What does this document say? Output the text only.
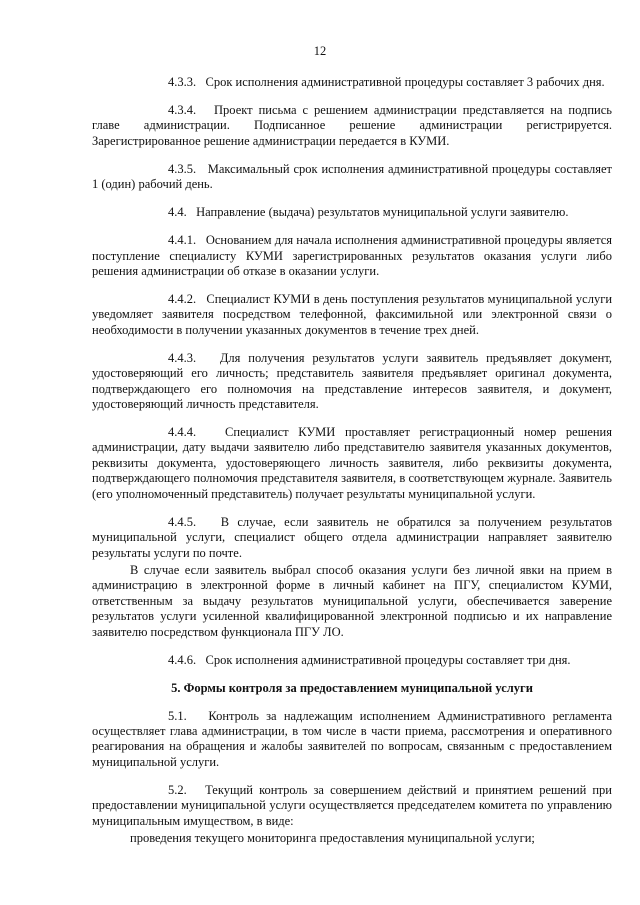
12

4.3.3. Срок исполнения административной процедуры составляет 3 рабочих дня.

4.3.4. Проект письма с решением администрации представляется на подпись главе администрации. Подписанное решение администрации регистрируется. Зарегистрированное решение администрации передается в КУМИ.

4.3.5. Максимальный срок исполнения административной процедуры составляет 1 (один) рабочий день.

4.4. Направление (выдача) результатов муниципальной услуги заявителю.

4.4.1. Основанием для начала исполнения административной процедуры является поступление специалисту КУМИ зарегистрированных результатов оказания услуги либо решения администрации об отказе в оказании услуги.

4.4.2. Специалист КУМИ в день поступления результатов муниципальной услуги уведомляет заявителя посредством телефонной, факсимильной или электронной связи о необходимости в получении указанных документов в течение трех дней.

4.4.3. Для получения результатов услуги заявитель предъявляет документ, удостоверяющий его личность; представитель заявителя предъявляет оригинал документа, подтверждающего его полномочия на представление интересов заявителя, и документ, удостоверяющий личность представителя.

4.4.4. Специалист КУМИ проставляет регистрационный номер решения администрации, дату выдачи заявителю либо представителю заявителя указанных документов, реквизиты документа, удостоверяющего личность заявителя, либо реквизиты документа, подтверждающего полномочия представителя заявителя, в соответствующем журнале. Заявитель (его уполномоченный представитель) получает результаты муниципальной услуги.

4.4.5. В случае, если заявитель не обратился за получением результатов муниципальной услуги, специалист общего отдела администрации направляет заявителю результаты услуги по почте.

В случае если заявитель выбрал способ оказания услуги без личной явки на прием в администрацию в электронной форме в личный кабинет на ПГУ, специалистом КУМИ, ответственным за выдачу результатов муниципальной услуги, обеспечивается заверение результатов услуги усиленной квалифицированной электронной подписью и их направление заявителю посредством функционала ПГУ ЛО.

4.4.6. Срок исполнения административной процедуры составляет три дня.

5. Формы контроля за предоставлением муниципальной услуги

5.1. Контроль за надлежащим исполнением Административного регламента осуществляет глава администрации, в том числе в части приема, рассмотрения и оперативного реагирования на обращения и жалобы заявителей по вопросам, связанным с предоставлением муниципальной услуги.

5.2. Текущий контроль за совершением действий и принятием решений при предоставлении муниципальной услуги осуществляется председателем комитета по управлению муниципальным имуществом, в виде:

проведения текущего мониторинга предоставления муниципальной услуги;
